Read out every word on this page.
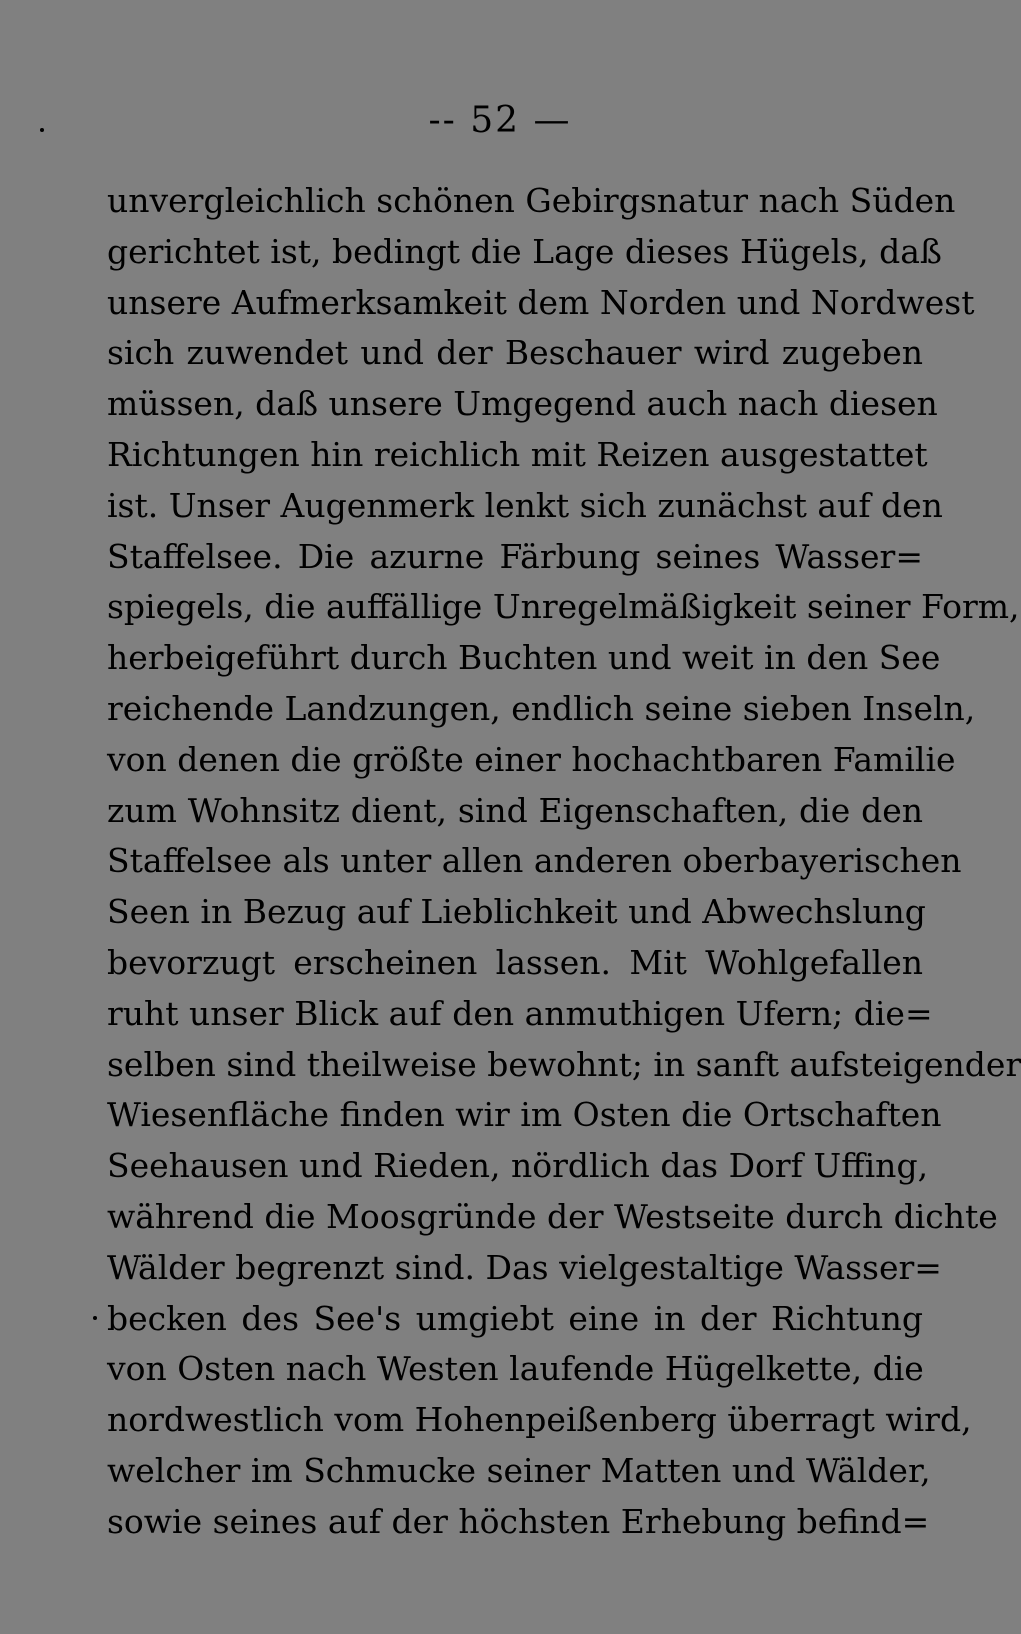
-- 52 —
unvergleichlich schönen Gebirgsnatur nach Süden
gerichtet ist, bedingt die Lage dieses Hügels, daß
unsere Aufmerksamkeit dem Norden und Nordwest
sich zuwendet und der Beschauer wird zugeben
müssen, daß unsere Umgegend auch nach diesen
Richtungen hin reichlich mit Reizen ausgestattet
ist. Unser Augenmerk lenkt sich zunächst auf den
Staffelsee. Die azurne Färbung seines Wasser=
spiegels, die auffällige Unregelmäßigkeit seiner Form,
herbeigeführt durch Buchten und weit in den See
reichende Landzungen, endlich seine sieben Inseln,
von denen die größte einer hochachtbaren Familie
zum Wohnsitz dient, sind Eigenschaften, die den
Staffelsee als unter allen anderen oberbayerischen
Seen in Bezug auf Lieblichkeit und Abwechslung
bevorzugt erscheinen lassen. Mit Wohlgefallen
ruht unser Blick auf den anmuthigen Ufern; die=
selben sind theilweise bewohnt; in sanft aufsteigender
Wiesenfläche finden wir im Osten die Ortschaften
Seehausen und Rieden, nördlich das Dorf Uffing,
während die Moosgründe der Westseite durch dichte
Wälder begrenzt sind. Das vielgestaltige Wasser=
becken des See's umgiebt eine in der Richtung
von Osten nach Westen laufende Hügelkette, die
nordwestlich vom Hohenpeißenberg überragt wird,
welcher im Schmucke seiner Matten und Wälder,
sowie seines auf der höchsten Erhebung befind=
